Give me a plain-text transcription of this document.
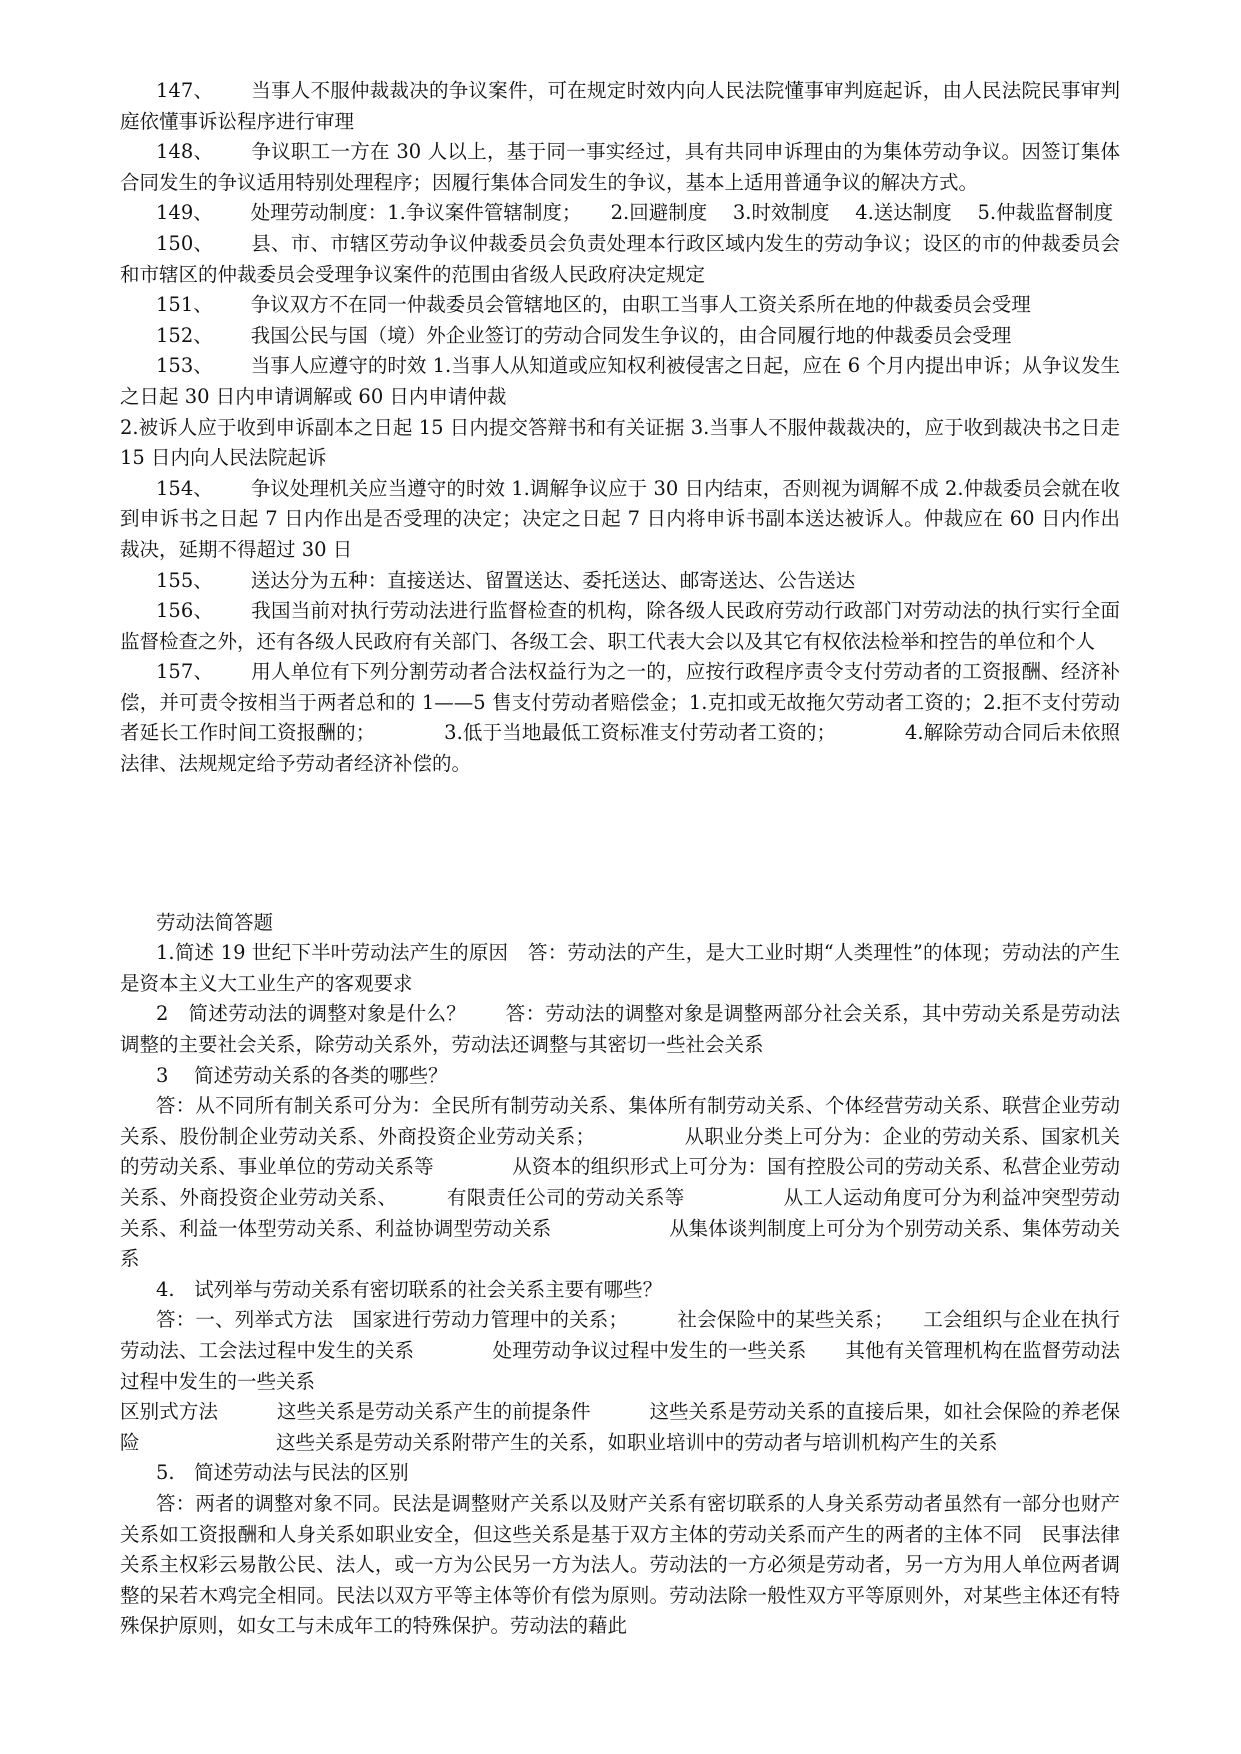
147、 当事人不服仲裁裁决的争议案件，可在规定时效内向人民法院懂事审判庭起诉，由人民法院民事审判庭依懂事诉讼程序进行审理

148、 争议职工一方在 30 人以上，基于同一事实经过，具有共同申诉理由的为集体劳动争议。因签订集体合同发生的争议适用特别处理程序；因履行集体合同发生的争议，基本上适用普通争议的解决方式。

149、 处理劳动制度：1.争议案件管辖制度；　　2.回避制度　 3.时效制度　 4.送达制度　 5.仲裁监督制度

150、 县、市、市辖区劳动争议仲裁委员会负责处理本行政区域内发生的劳动争议；设区的市的仲裁委员会和市辖区的仲裁委员会受理争议案件的范围由省级人民政府决定规定

151、 争议双方不在同一仲裁委员会管辖地区的，由职工当事人工资关系所在地的仲裁委员会受理

152、 我国公民与国（境）外企业签订的劳动合同发生争议的，由合同履行地的仲裁委员会受理

153、 当事人应遵守的时效 1.当事人从知道或应知权利被侵害之日起，应在 6 个月内提出申诉；从争议发生之日起 30 日内申请调解或 60 日内申请仲裁

2.被诉人应于收到申诉副本之日起 15 日内提交答辩书和有关证据 3.当事人不服仲裁裁决的，应于收到裁决书之日走 15 日内向人民法院起诉

154、 争议处理机关应当遵守的时效 1.调解争议应于 30 日内结束，否则视为调解不成 2.仲裁委员会就在收到申诉书之日起 7 日内作出是否受理的决定；决定之日起 7 日内将申诉书副本送达被诉人。仲裁应在 60 日内作出裁决，延期不得超过 30 日

155、 送达分为五种：直接送达、留置送达、委托送达、邮寄送达、公告送达

156、 我国当前对执行劳动法进行监督检查的机构，除各级人民政府劳动行政部门对劳动法的执行实行全面监督检查之外，还有各级人民政府有关部门、各级工会、职工代表大会以及其它有权依法检举和控告的单位和个人

157、 用人单位有下列分割劳动者合法权益行为之一的，应按行政程序责令支付劳动者的工资报酬、经济补偿，并可责令按相当于两者总和的 1——5 售支付劳动者赔偿金；1.克扣或无故拖欠劳动者工资的；2.拒不支付劳动者延长工作时间工资报酬的；　　　　3.低于当地最低工资标准支付劳动者工资的；　　　　4.解除劳动合同后未依照法律、法规规定给予劳动者经济补偿的。

劳动法简答题

1.简述 19 世纪下半叶劳动法产生的原因　答：劳动法的产生，是大工业时期“人类理性”的体现；劳动法的产生是资本主义大工业生产的客观要求

2　简述劳动法的调整对象是什么？　　答：劳动法的调整对象是调整两部分社会关系，其中劳动关系是劳动法调整的主要社会关系，除劳动关系外，劳动法还调整与其密切一些社会关系

3　 简述劳动关系的各类的哪些？

答：从不同所有制关系可分为：全民所有制劳动关系、集体所有制劳动关系、个体经营劳动关系、联营企业劳动关系、股份制企业劳动关系、外商投资企业劳动关系；　　　　　从职业分类上可分为：企业的劳动关系、国家机关的劳动关系、事业单位的劳动关系等　　　　从资本的组织形式上可分为：国有控股公司的劳动关系、私营企业劳动关系、外商投资企业劳动关系、　　　有限责任公司的劳动关系等　　　　　从工人运动角度可分为利益冲突型劳动关系、利益一体型劳动关系、利益协调型劳动关系　　　　　　从集体谈判制度上可分为个别劳动关系、集体劳动关系

4.　试列举与劳动关系有密切联系的社会关系主要有哪些？

答：一、列举式方法　国家进行劳动力管理中的关系；　　　社会保险中的某些关系；　　工会组织与企业在执行劳动法、工会法过程中发生的关系　　　　处理劳动争议过程中发生的一些关系　　其他有关管理机构在监督劳动法过程中发生的一些关系

区别式方法　　　这些关系是劳动关系产生的前提条件　　　这些关系是劳动关系的直接后果，如社会保险的养老保险　　　　　　　这些关系是劳动关系附带产生的关系，如职业培训中的劳动者与培训机构产生的关系

5.　简述劳动法与民法的区别

答：两者的调整对象不同。民法是调整财产关系以及财产关系有密切联系的人身关系劳动者虽然有一部分也财产关系如工资报酬和人身关系如职业安全，但这些关系是基于双方主体的劳动关系而产生的两者的主体不同　民事法律关系主权彩云易散公民、法人，或一方为公民另一方为法人。劳动法的一方必须是劳动者，另一方为用人单位两者调整的呆若木鸡完全相同。民法以双方平等主体等价有偿为原则。劳动法除一般性双方平等原则外，对某些主体还有特殊保护原则，如女工与未成年工的特殊保护。劳动法的藉此
